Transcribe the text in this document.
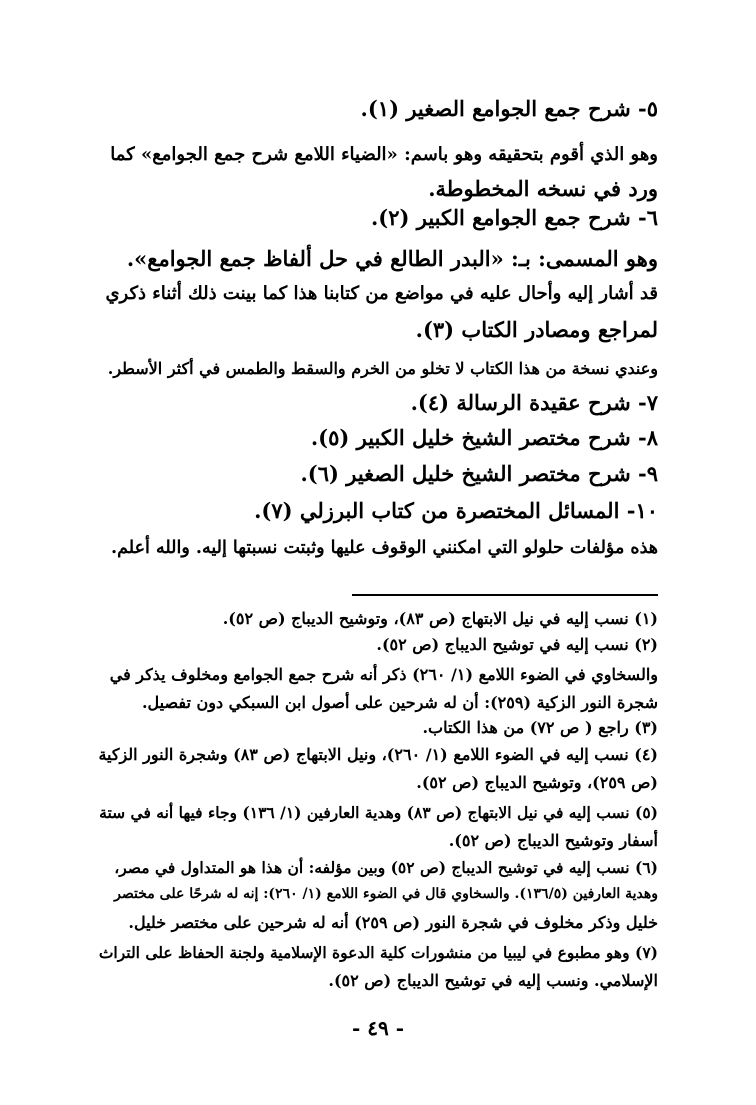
٥- شرح جمع الجوامع الصغير (١).
وهو الذي أقوم بتحقيقه وهو باسم: «الضياء اللامع شرح جمع الجوامع» كما
ورد في نسخه المخطوطة.
٦- شرح جمع الجوامع الكبير (٢).
وهو المسمى: بـ: «البدر الطالع في حل ألفاظ جمع الجوامع».
قد أشار إليه وأحال عليه في مواضع من كتابنا هذا كما بينت ذلك أثناء ذكري
لمراجع ومصادر الكتاب (٣).
وعندي نسخة من هذا الكتاب لا تخلو من الخرم والسقط والطمس في أكثر الأسطر.
٧- شرح عقيدة الرسالة (٤).
٨- شرح مختصر الشيخ خليل الكبير (٥).
٩- شرح مختصر الشيخ خليل الصغير (٦).
١٠- المسائل المختصرة من كتاب البرزلي (٧).
هذه مؤلفات حلولو التي امكنني الوقوف عليها وثبتت نسبتها إليه. والله أعلم.
(١) نسب إليه في نيل الابتهاج (ص ٨٣)، وتوشيح الديباج (ص ٥٢).
(٢) نسب إليه في توشيح الديباج (ص ٥٢).
والسخاوي في الضوء اللامع (١/ ٢٦٠) ذكر أنه شرح جمع الجوامع ومخلوف يذكر في
شجرة النور الزكية (٢٥٩): أن له شرحين على أصول ابن السبكي دون تفصيل.
(٣) راجع ( ص ٧٢) من هذا الكتاب.
(٤) نسب إليه في الضوء اللامع (١/ ٢٦٠)، ونيل الابتهاج (ص ٨٣) وشجرة النور الزكية
(ص ٢٥٩)، وتوشيح الديباج (ص ٥٢).
(٥) نسب إليه في نيل الابتهاج (ص ٨٣) وهدية العارفين (١/ ١٣٦) وجاء فيها أنه في ستة
أسفار وتوشيح الديباج (ص ٥٢).
(٦) نسب إليه في توشيح الديباج (ص ٥٢) وبين مؤلفه: أن هذا هو المتداول في مصر،
وهدية العارفين (١٣٦/٥). والسخاوي قال في الضوء اللامع (١/ ٢٦٠): إنه له شرحًا على مختصر
خليل وذكر مخلوف في شجرة النور (ص ٢٥٩) أنه له شرحين على مختصر خليل.
(٧) وهو مطبوع في ليبيا من منشورات كلية الدعوة الإسلامية ولجنة الحفاظ على التراث
الإسلامي. ونسب إليه في توشيح الديباج (ص ٥٢).
- ٤٩ -
